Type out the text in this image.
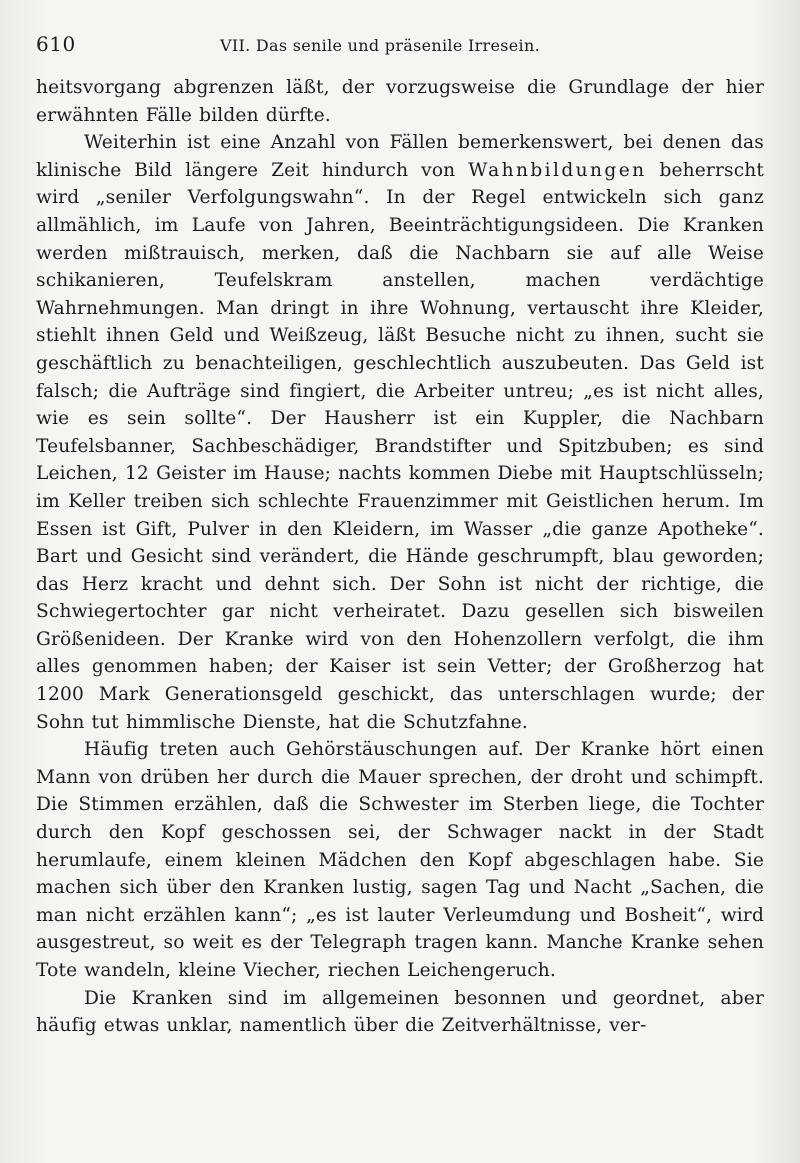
610	VII. Das senile und präsenile Irresein.

heitsvorgang abgrenzen läßt, der vorzugsweise die Grundlage der hier erwähnten Fälle bilden dürfte.

Weiterhin ist eine Anzahl von Fällen bemerkenswert, bei denen das klinische Bild längere Zeit hindurch von Wahnbildungen beherrscht wird „seniler Verfolgungswahn“. In der Regel entwickeln sich ganz allmählich, im Laufe von Jahren, Beeinträchtigungsideen. Die Kranken werden mißtrauisch, merken, daß die Nachbarn sie auf alle Weise schikanieren, Teufelskram anstellen, machen verdächtige Wahrnehmungen. Man dringt in ihre Wohnung, vertauscht ihre Kleider, stiehlt ihnen Geld und Weißzeug, läßt Besuche nicht zu ihnen, sucht sie geschäftlich zu benachteiligen, geschlechtlich auszubeuten. Das Geld ist falsch; die Aufträge sind fingiert, die Arbeiter untreu; „es ist nicht alles, wie es sein sollte“. Der Hausherr ist ein Kuppler, die Nachbarn Teufelsbanner, Sachbeschädiger, Brandstifter und Spitzbuben; es sind Leichen, 12 Geister im Hause; nachts kommen Diebe mit Hauptschlüsseln; im Keller treiben sich schlechte Frauenzimmer mit Geistlichen herum. Im Essen ist Gift, Pulver in den Kleidern, im Wasser „die ganze Apotheke“. Bart und Gesicht sind verändert, die Hände geschrumpft, blau geworden; das Herz kracht und dehnt sich. Der Sohn ist nicht der richtige, die Schwiegertochter gar nicht verheiratet. Dazu gesellen sich bisweilen Größenideen. Der Kranke wird von den Hohenzollern verfolgt, die ihm alles genommen haben; der Kaiser ist sein Vetter; der Großherzog hat 1200 Mark Generationsgeld geschickt, das unterschlagen wurde; der Sohn tut himmlische Dienste, hat die Schutzfahne.

Häufig treten auch Gehörstäuschungen auf. Der Kranke hört einen Mann von drüben her durch die Mauer sprechen, der droht und schimpft. Die Stimmen erzählen, daß die Schwester im Sterben liege, die Tochter durch den Kopf geschossen sei, der Schwager nackt in der Stadt herumlaufe, einem kleinen Mädchen den Kopf abgeschlagen habe. Sie machen sich über den Kranken lustig, sagen Tag und Nacht „Sachen, die man nicht erzählen kann“; „es ist lauter Verleumdung und Bosheit“, wird ausgestreut, so weit es der Telegraph tragen kann. Manche Kranke sehen Tote wandeln, kleine Viecher, riechen Leichengeruch.

Die Kranken sind im allgemeinen besonnen und geordnet, aber häufig etwas unklar, namentlich über die Zeitverhältnisse, ver-
